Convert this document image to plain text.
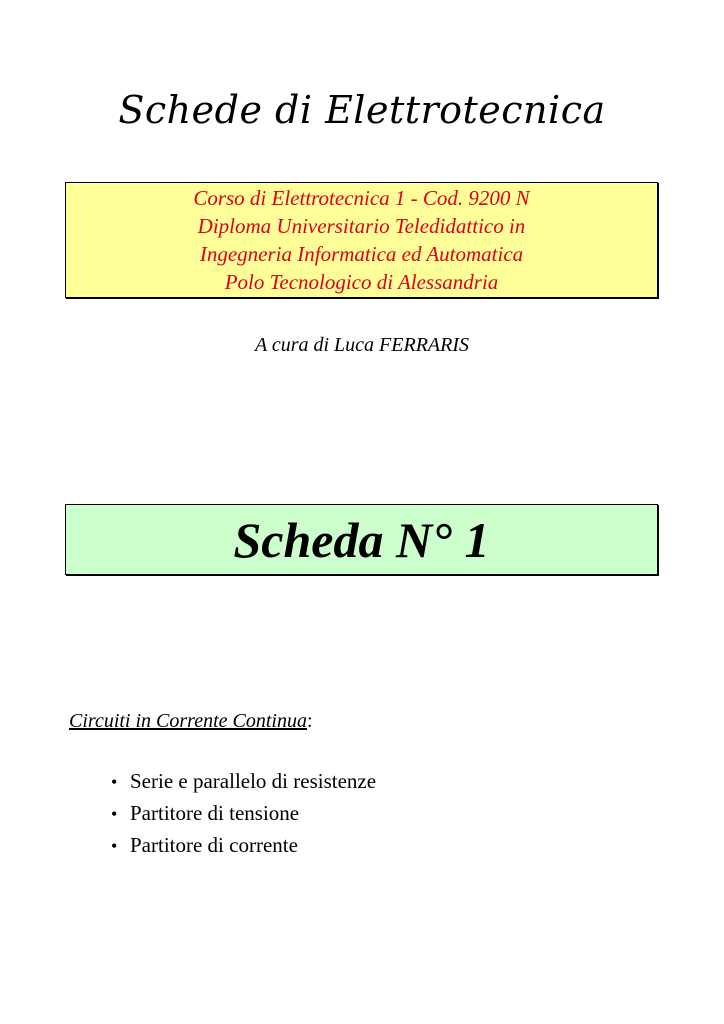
Schede di Elettrotecnica
Corso di Elettrotecnica 1 - Cod. 9200 N
Diploma Universitario Teledidattico in
Ingegneria Informatica ed Automatica
Polo Tecnologico di Alessandria
A cura di Luca FERRARIS
Scheda N° 1
Circuiti in Corrente Continua:
• Serie e parallelo di resistenze
• Partitore di tensione
• Partitore di corrente
